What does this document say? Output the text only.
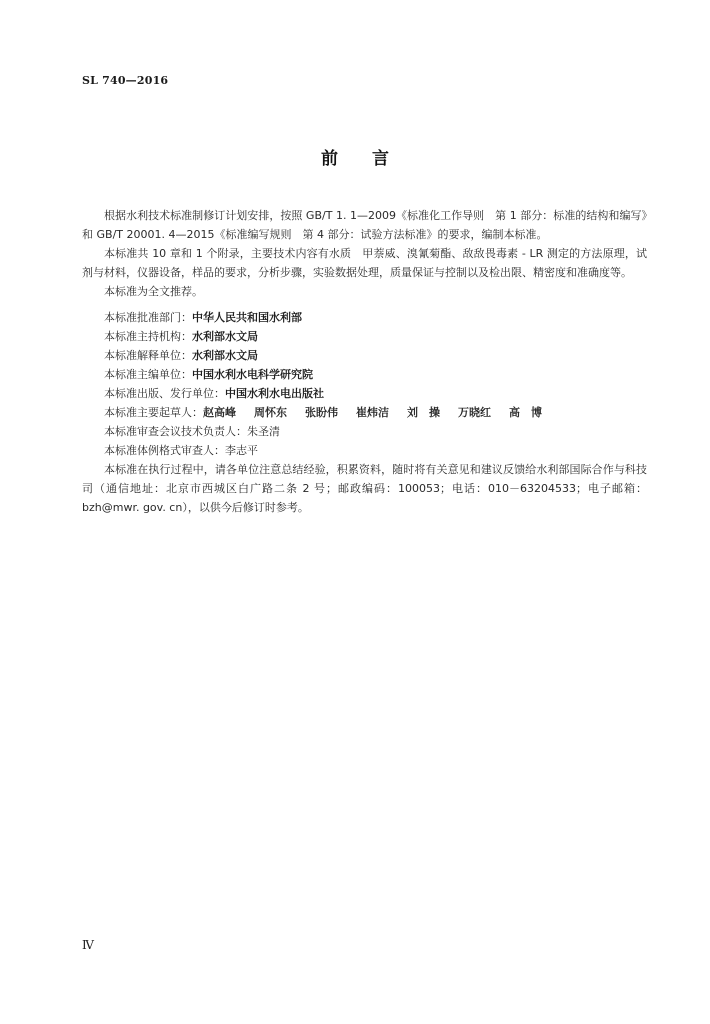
SL 740—2016
前言

根据水利技术标准制修订计划安排，按照 GB/T 1. 1—2009《标准化工作导则　第 1 部分：标准的结构和编写》和 GB/T 20001. 4—2015《标准编写规则　第 4 部分：试验方法标准》的要求，编制本标准。

本标准共 10 章和 1 个附录，主要技术内容有水质　甲萘威、溴氰菊酯、敌敌畏毒素 - LR 测定的方法原理，试剂与材料，仪器设备，样品的要求，分析步骤，实验数据处理，质量保证与控制以及检出限、精密度和准确度等。

本标准为全文推荐。

本标准批准部门：中华人民共和国水利部
本标准主持机构：水利部水文局
本标准解释单位：水利部水文局
本标准主编单位：中国水利水电科学研究院
本标准出版、发行单位：中国水利水电出版社
本标准主要起草人：赵高峰 周怀东 张盼伟 崔炜洁 刘　操 万晓红 高　博
本标准审查会议技术负责人：朱圣清
本标准体例格式审查人：李志平

本标准在执行过程中，请各单位注意总结经验，积累资料，随时将有关意见和建议反馈给水利部国际合作与科技司（通信地址：北京市西城区白广路二条 2 号；邮政编码：100053；电话：010－63204533；电子邮箱：bzh@mwr. gov. cn），以供今后修订时参考。

Ⅳ
